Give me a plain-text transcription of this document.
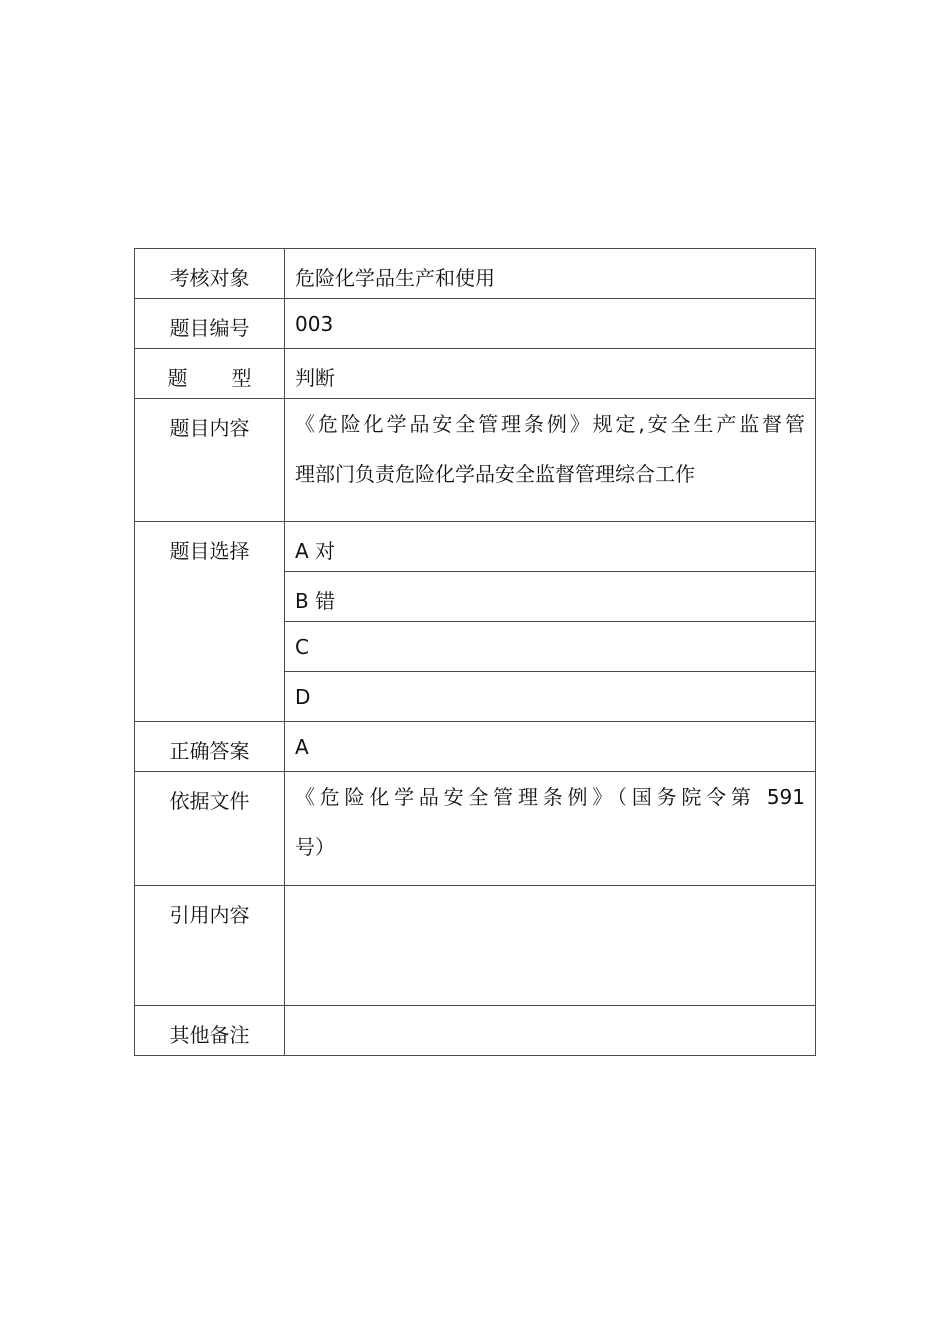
考核对象	危险化学品生产和使用
题目编号	003
题　型	判断
题目内容	《危险化学品安全管理条例》规定,安全生产监督管
理部门负责危险化学品安全监督管理综合工作

题目选择	A 对
	B 错
	C
	D
正确答案	A
依据文件	《危险化学品安全管理条例》（国务院令第 591
号）

引用内容	
其他备注	
